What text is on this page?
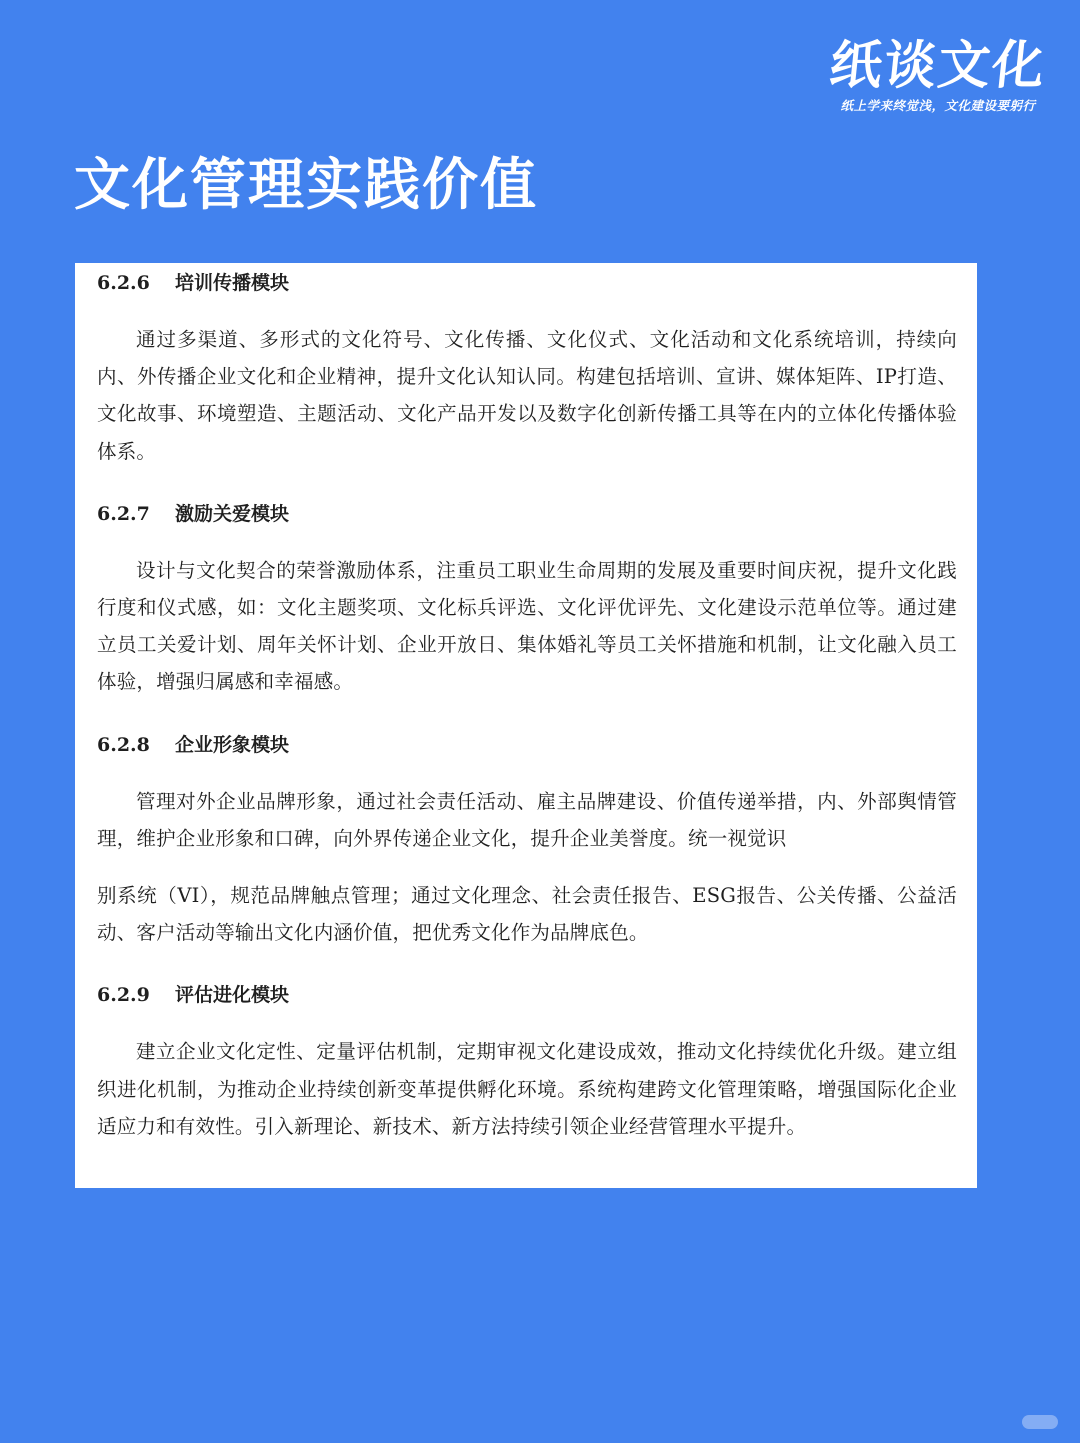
纸谈文化
纸上学来终觉浅，文化建设要躬行
文化管理实践价值
6.2.6	培训传播模块

通过多渠道、多形式的文化符号、文化传播、文化仪式、文化活动和文化系统培训，持续向内、外传播企业文化和企业精神，提升文化认知认同。构建包括培训、宣讲、媒体矩阵、IP打造、文化故事、环境塑造、主题活动、文化产品开发以及数字化创新传播工具等在内的立体化传播体验体系。

6.2.7	激励关爱模块

设计与文化契合的荣誉激励体系，注重员工职业生命周期的发展及重要时间庆祝，提升文化践行度和仪式感，如：文化主题奖项、文化标兵评选、文化评优评先、文化建设示范单位等。通过建立员工关爱计划、周年关怀计划、企业开放日、集体婚礼等员工关怀措施和机制，让文化融入员工体验，增强归属感和幸福感。

6.2.8	企业形象模块

管理对外企业品牌形象，通过社会责任活动、雇主品牌建设、价值传递举措，内、外部舆情管理，维护企业形象和口碑，向外界传递企业文化，提升企业美誉度。统一视觉识

别系统（VI），规范品牌触点管理；通过文化理念、社会责任报告、ESG报告、公关传播、公益活动、客户活动等输出文化内涵价值，把优秀文化作为品牌底色。

6.2.9	评估进化模块

建立企业文化定性、定量评估机制，定期审视文化建设成效，推动文化持续优化升级。建立组织进化机制，为推动企业持续创新变革提供孵化环境。系统构建跨文化管理策略，增强国际化企业适应力和有效性。引入新理论、新技术、新方法持续引领企业经营管理水平提升。
